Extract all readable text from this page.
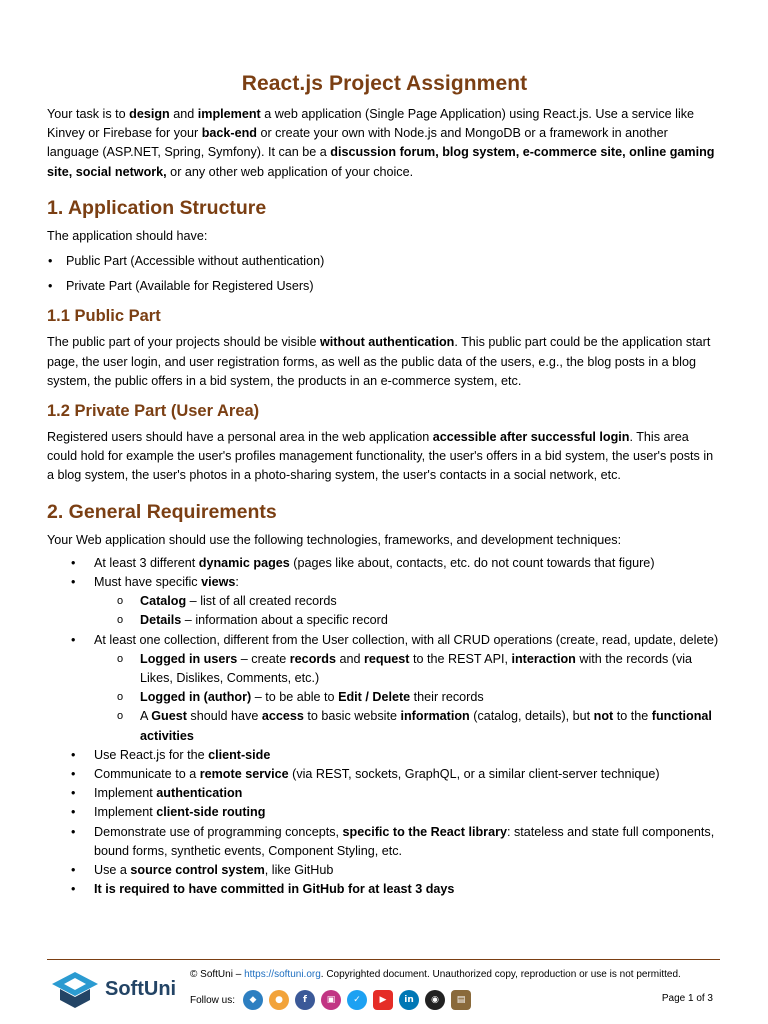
React.js Project Assignment

Your task is to design and implement a web application (Single Page Application) using React.js. Use a service like Kinvey or Firebase for your back-end or create your own with Node.js and MongoDB or a framework in another language (ASP.NET, Spring, Symfony). It can be a discussion forum, blog system, e-commerce site, online gaming site, social network, or any other web application of your choice.

1. Application Structure

The application should have:

• Public Part (Accessible without authentication)
• Private Part (Available for Registered Users)
1.1 Public Part

The public part of your projects should be visible without authentication. This public part could be the application start page, the user login, and user registration forms, as well as the public data of the users, e.g., the blog posts in a blog system, the public offers in a bid system, the products in an e-commerce system, etc.

1.2 Private Part (User Area)

Registered users should have a personal area in the web application accessible after successful login. This area could hold for example the user's profiles management functionality, the user's offers in a bid system, the user's posts in a blog system, the user's photos in a photo-sharing system, the user's contacts in a social network, etc.

2. General Requirements

Your Web application should use the following technologies, frameworks, and development techniques:

• At least 3 different dynamic pages (pages like about, contacts, etc. do not count towards that figure)
• Must have specific views:
o Catalog – list of all created records
o Details – information about a specific record
• At least one collection, different from the User collection, with all CRUD operations (create, read, update, delete)
o Logged in users – create records and request to the REST API, interaction with the records (via Likes, Dislikes, Comments, etc.)
o Logged in (author) – to be able to Edit / Delete their records
o A Guest should have access to basic website information (catalog, details), but not to the functional activities
• Use React.js for the client-side
• Communicate to a remote service (via REST, sockets, GraphQL, or a similar client-server technique)
• Implement authentication
• Implement client-side routing
• Demonstrate use of programming concepts, specific to the React library: stateless and state full components, bound forms, synthetic events, Component Styling, etc.
• Use a source control system, like GitHub
• It is required to have committed in GitHub for at least 3 days
SoftUni
© SoftUni – https://softuni.org. Copyrighted document. Unauthorized copy, reproduction or use is not permitted.
Follow us:	◆	●	f	▣	✓	▶	in	◉	▤	Page 1 of 3
